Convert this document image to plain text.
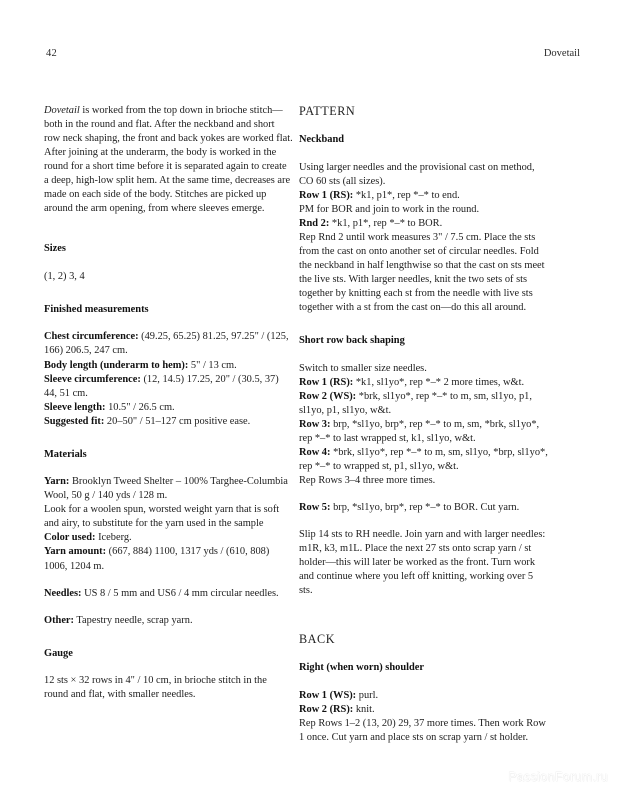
42	Dovetail

Dovetail is worked from the top down in brioche stitch—both in the round and flat. After the neckband and short row neck shaping, the front and back yokes are worked flat. After joining at the underarm, the body is worked in the round for a short time before it is separated again to create a deep, high-low split hem. At the same time, decreases are made on each side of the body. Stitches are picked up around the arm opening, from where sleeves emerge.

Sizes

(1, 2) 3, 4

Finished measurements

Chest circumference: (49.25, 65.25) 81.25, 97.25" / (125, 166) 206.5, 247 cm.

Body length (underarm to hem): 5" / 13 cm.

Sleeve circumference: (12, 14.5) 17.25, 20" / (30.5, 37) 44, 51 cm.

Sleeve length: 10.5" / 26.5 cm.

Suggested fit: 20–50" / 51–127 cm positive ease.

Materials

Yarn: Brooklyn Tweed Shelter – 100% Targhee-Columbia Wool, 50 g / 140 yds / 128 m.

Look for a woolen spun, worsted weight yarn that is soft and airy, to substitute for the yarn used in the sample

Color used: Iceberg.

Yarn amount: (667, 884) 1100, 1317 yds / (610, 808) 1006, 1204 m.

Needles: US 8 / 5 mm and US6 / 4 mm circular needles.

Other: Tapestry needle, scrap yarn.

Gauge

12 sts × 32 rows in 4" / 10 cm, in brioche stitch in the round and flat, with smaller needles.

PATTERN
Neckband

Using larger needles and the provisional cast on method, CO 60 sts (all sizes).

Row 1 (RS): *k1, p1*, rep *–* to end.

PM for BOR and join to work in the round.

Rnd 2: *k1, p1*, rep *–* to BOR.

Rep Rnd 2 until work measures 3" / 7.5 cm. Place the sts from the cast on onto another set of circular needles. Fold the neckband in half lengthwise so that the cast on sts meet the live sts. With larger needles, knit the two sets of sts together by knitting each st from the needle with live sts together with a st from the cast on—do this all around.

Short row back shaping

Switch to smaller size needles.

Row 1 (RS): *k1, sl1yo*, rep *–* 2 more times, w&t.

Row 2 (WS): *brk, sl1yo*, rep *–* to m, sm, sl1yo, p1, sl1yo, p1, sl1yo, w&t.

Row 3: brp, *sl1yo, brp*, rep *–* to m, sm, *brk, sl1yo*, rep *–* to last wrapped st, k1, sl1yo, w&t.

Row 4: *brk, sl1yo*, rep *–* to m, sm, sl1yo, *brp, sl1yo*, rep *–* to wrapped st, p1, sl1yo, w&t.

Rep Rows 3–4 three more times.

Row 5: brp, *sl1yo, brp*, rep *–* to BOR. Cut yarn.

Slip 14 sts to RH needle. Join yarn and with larger needles: m1R, k3, m1L. Place the next 27 sts onto scrap yarn / st holder—this will later be worked as the front. Turn work and continue where you left off knitting, working over 5 sts.

BACK
Right (when worn) shoulder

Row 1 (WS): purl.

Row 2 (RS): knit.

Rep Rows 1–2 (13, 20) 29, 37 more times. Then work Row 1 once. Cut yarn and place sts on scrap yarn / st holder.

PassionForum.ru
